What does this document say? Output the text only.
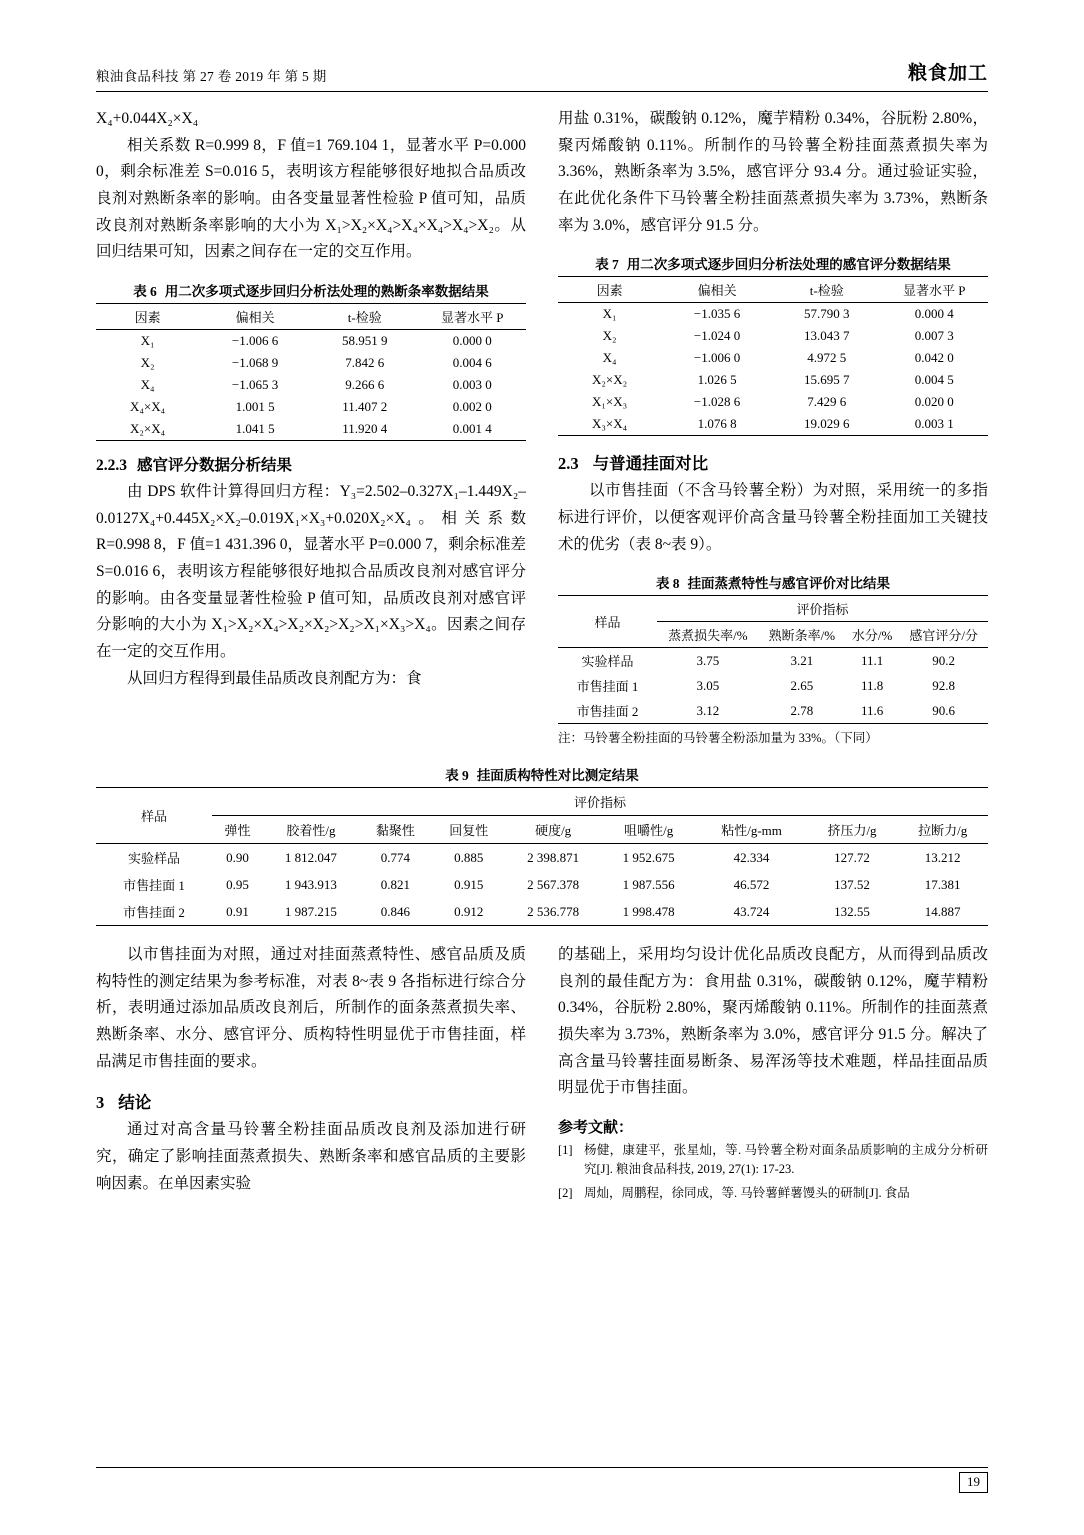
粮油食品科技 第 27 卷 2019 年 第 5 期	粮食加工
X₄+0.044X₂×X₄

相关系数 R=0.999 8，F 值=1 769.104 1，显著水平 P=0.000 0，剩余标准差 S=0.016 5，表明该方程能够很好地拟合品质改良剂对熟断条率的影响。由各变量显著性检验 P 值可知，品质改良剂对熟断条率影响的大小为 X₁>X₂×X₄>X₄×X₄>X₄>X₂。从回归结果可知，因素之间存在一定的交互作用。

表 6 用二次多项式逐步回归分析法处理的熟断条率数据结果
因素	偏相关	t-检验	显著水平 P
X₁	−1.006 6	58.951 9	0.000 0
X₂	−1.068 9	7.842 6	0.004 6
X₄	−1.065 3	9.266 6	0.003 0
X₄×X₄	1.001 5	11.407 2	0.002 0
X₂×X₄	1.041 5	11.920 4	0.001 4
2.2.3 感官评分数据分析结果

由 DPS 软件计算得回归方程：Y₃=2.502–0.327X₁–1.449X₂–0.0127X₄+0.445X₂×X₂–0.019X₁×X₃+0.020X₂×X₄。相关系数 R=0.998 8，F 值=1 431.396 0，显著水平 P=0.000 7，剩余标准差 S=0.016 6，表明该方程能够很好地拟合品质改良剂对感官评分的影响。由各变量显著性检验 P 值可知，品质改良剂对感官评分影响的大小为 X₁>X₂×X₄>X₂×X₂>X₂>X₁×X₃>X₄。因素之间存在一定的交互作用。

从回归方程得到最佳品质改良剂配方为：食

用盐 0.31%，碳酸钠 0.12%，魔芋精粉 0.34%，谷朊粉 2.80%，聚丙烯酸钠 0.11%。所制作的马铃薯全粉挂面蒸煮损失率为 3.36%，熟断条率为 3.5%，感官评分 93.4 分。通过验证实验，在此优化条件下马铃薯全粉挂面蒸煮损失率为 3.73%，熟断条率为 3.0%，感官评分 91.5 分。

表 7 用二次多项式逐步回归分析法处理的感官评分数据结果
因素	偏相关	t-检验	显著水平 P
X₁	−1.035 6	57.790 3	0.000 4
X₂	−1.024 0	13.043 7	0.007 3
X₄	−1.006 0	4.972 5	0.042 0
X₂×X₂	1.026 5	15.695 7	0.004 5
X₁×X₃	−1.028 6	7.429 6	0.020 0
X₃×X₄	1.076 8	19.029 6	0.003 1
2.3 与普通挂面对比

以市售挂面（不含马铃薯全粉）为对照，采用统一的多指标进行评价，以便客观评价高含量马铃薯全粉挂面加工关键技术的优劣（表 8~表 9）。

表 8 挂面蒸煮特性与感官评价对比结果
样品	评价指标			
	蒸煮损失率/%	熟断条率/%	水分/%	感官评分/分
实验样品	3.75	3.21	11.1	90.2
市售挂面 1	3.05	2.65	11.8	92.8
市售挂面 2	3.12	2.78	11.6	90.6
注：马铃薯全粉挂面的马铃薯全粉添加量为 33%。（下同）
表 9 挂面质构特性对比测定结果
样品	评价指标								
	弹性	胶着性/g	黏聚性	回复性	硬度/g	咀嚼性/g	粘性/g-mm	挤压力/g	拉断力/g
实验样品	0.90	1 812.047	0.774	0.885	2 398.871	1 952.675	42.334	127.72	13.212
市售挂面 1	0.95	1 943.913	0.821	0.915	2 567.378	1 987.556	46.572	137.52	17.381
市售挂面 2	0.91	1 987.215	0.846	0.912	2 536.778	1 998.478	43.724	132.55	14.887

以市售挂面为对照，通过对挂面蒸煮特性、感官品质及质构特性的测定结果为参考标准，对表 8~表 9 各指标进行综合分析，表明通过添加品质改良剂后，所制作的面条蒸煮损失率、熟断条率、水分、感官评分、质构特性明显优于市售挂面，样品满足市售挂面的要求。

3 结论

通过对高含量马铃薯全粉挂面品质改良剂及添加进行研究，确定了影响挂面蒸煮损失、熟断条率和感官品质的主要影响因素。在单因素实验

的基础上，采用均匀设计优化品质改良配方，从而得到品质改良剂的最佳配方为：食用盐 0.31%，碳酸钠 0.12%，魔芋精粉 0.34%，谷朊粉 2.80%，聚丙烯酸钠 0.11%。所制作的挂面蒸煮损失率为 3.73%，熟断条率为 3.0%，感官评分 91.5 分。解决了高含量马铃薯挂面易断条、易浑汤等技术难题，样品挂面品质明显优于市售挂面。

参考文献：
[1] 杨健，康建平，张星灿，等. 马铃薯全粉对面条品质影响的主成分分析研究[J]. 粮油食品科技, 2019, 27(1): 17-23.
[2] 周灿，周鹏程，徐同成，等. 马铃薯鲜薯馒头的研制[J]. 食品
19
